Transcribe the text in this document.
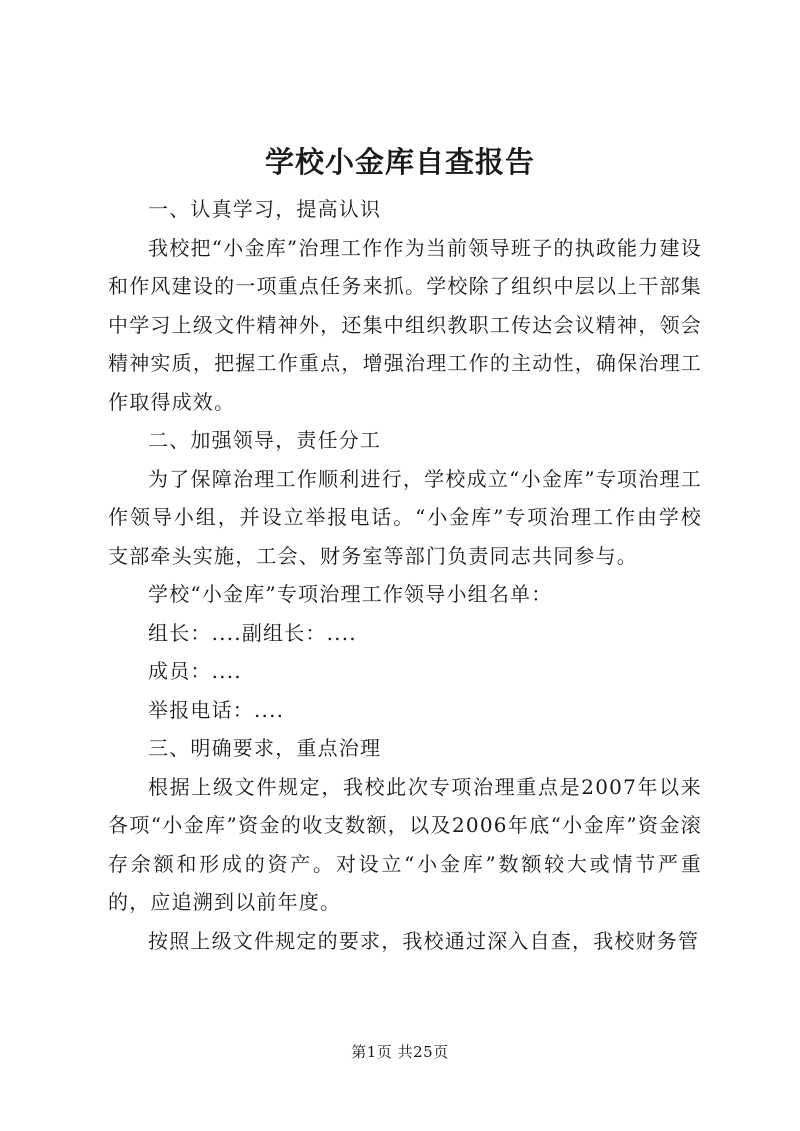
学校小金库自查报告

一、认真学习，提高认识

我校把“小金库”治理工作作为当前领导班子的执政能力建设和作风建设的一项重点任务来抓。学校除了组织中层以上干部集中学习上级文件精神外，还集中组织教职工传达会议精神，领会精神实质，把握工作重点，增强治理工作的主动性，确保治理工作取得成效。

二、加强领导，责任分工

为了保障治理工作顺利进行，学校成立“小金库”专项治理工作领导小组，并设立举报电话。“小金库”专项治理工作由学校支部牵头实施，工会、财务室等部门负责同志共同参与。

学校“小金库”专项治理工作领导小组名单：

组长：....副组长：....

成员：....

举报电话：....

三、明确要求，重点治理

根据上级文件规定，我校此次专项治理重点是2007年以来各项“小金库”资金的收支数额，以及2006年底“小金库”资金滚存余额和形成的资产。对设立“小金库”数额较大或情节严重的，应追溯到以前年度。

按照上级文件规定的要求，我校通过深入自查，我校财务管

第1页 共25页
